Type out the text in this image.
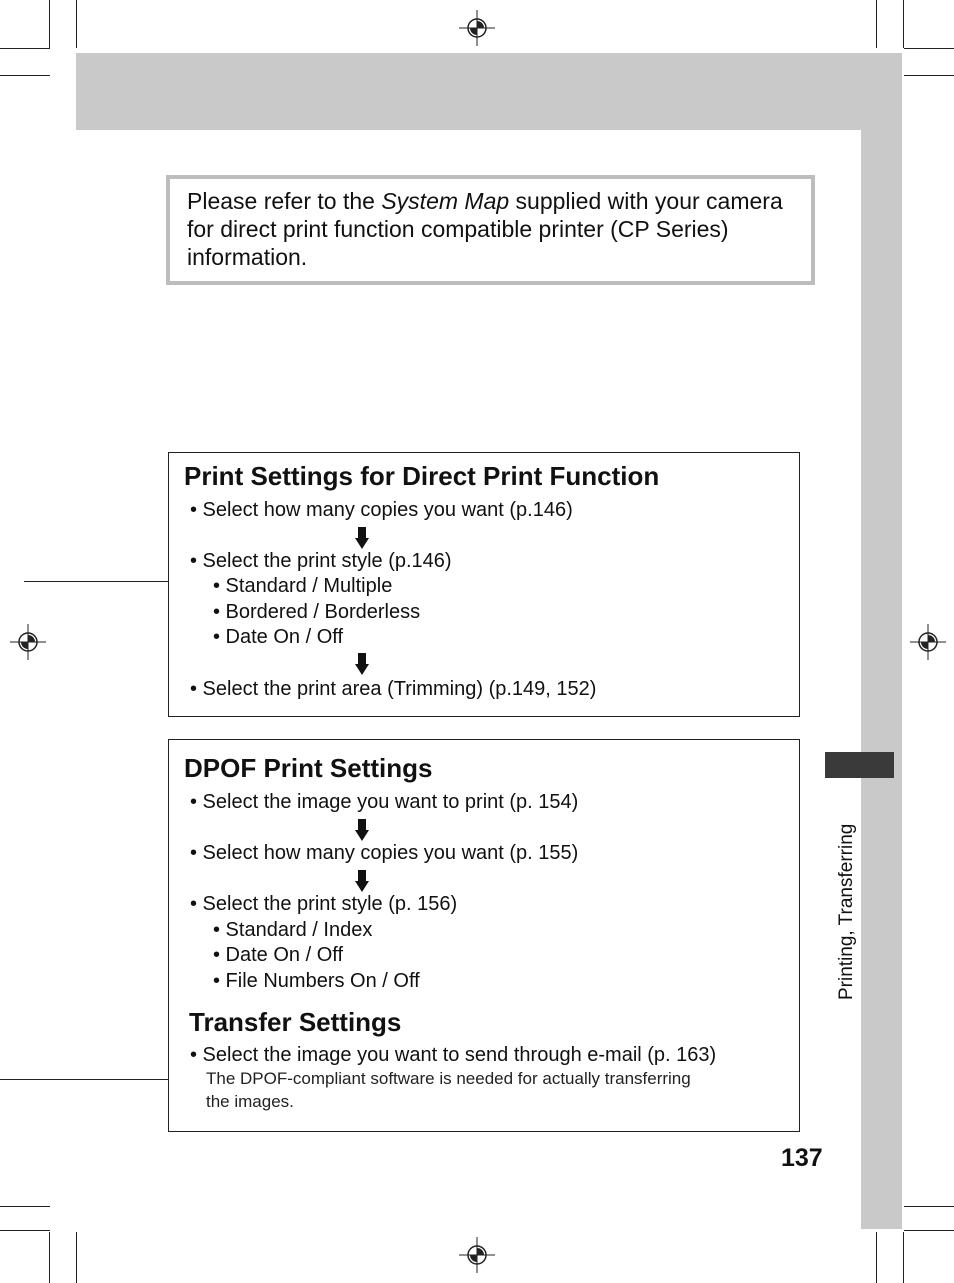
Printing, Transferring
137
Please refer to the System Map supplied with your camera for direct print function compatible printer (CP Series) information.
Print Settings for Direct Print Function
• Select how many copies you want (p.146)
• Select the print style (p.146)
• Standard / Multiple
• Bordered / Borderless
• Date On / Off
• Select the print area (Trimming) (p.149, 152)
DPOF Print Settings
• Select the image you want to print (p. 154)
• Select how many copies you want (p. 155)
• Select the print style (p. 156)
• Standard / Index
• Date On / Off
• File Numbers On / Off
Transfer Settings
• Select the image you want to send through e-mail (p. 163)
The DPOF-compliant software is needed for actually transferring
the images.
